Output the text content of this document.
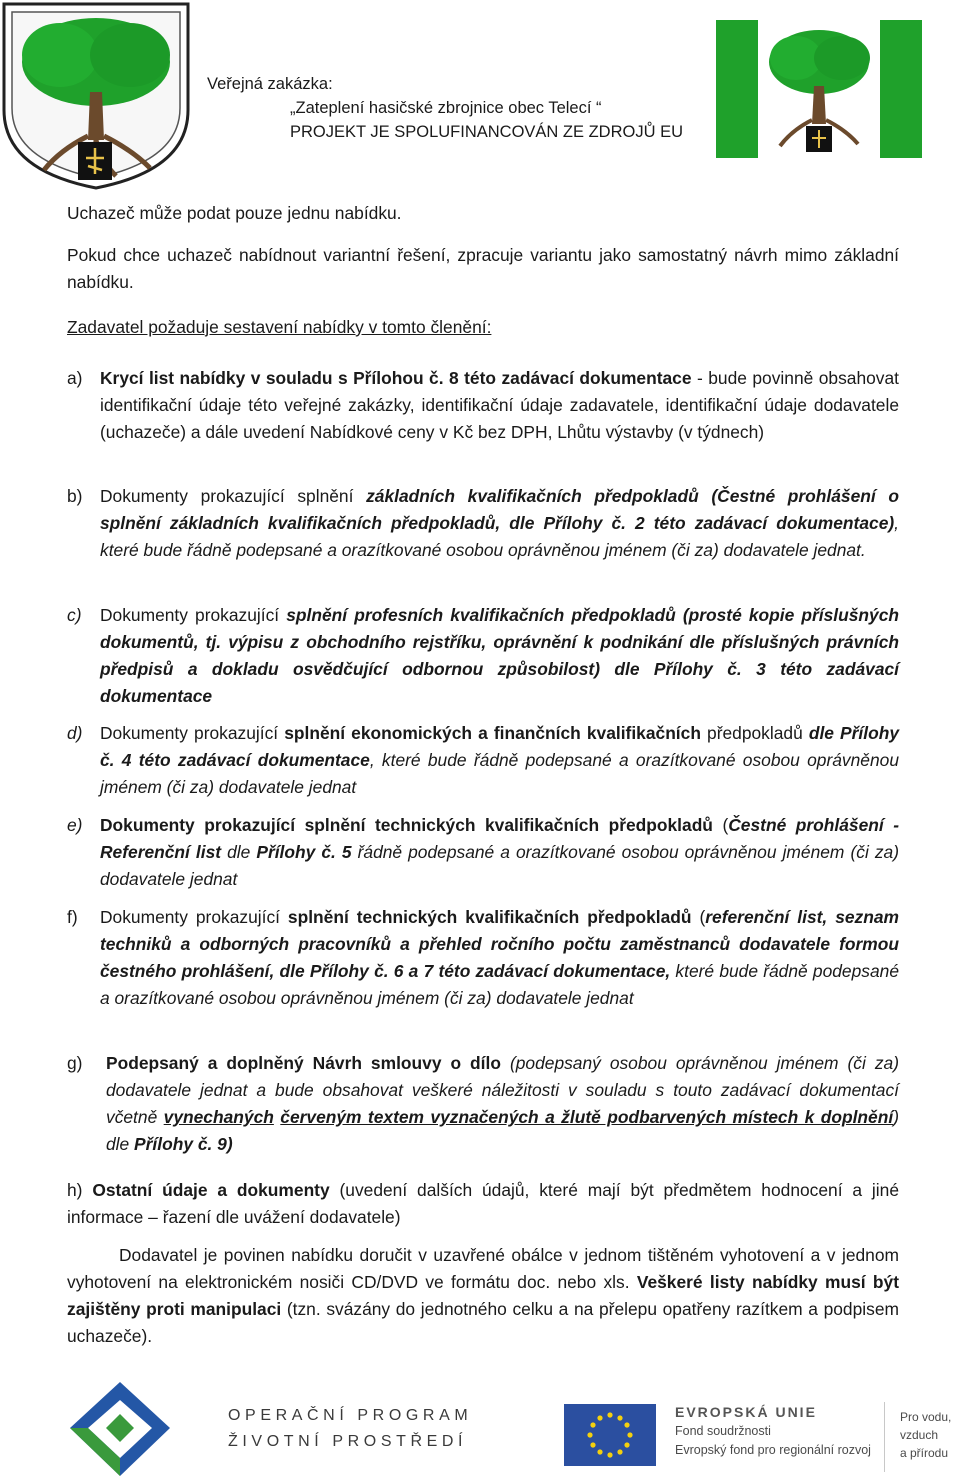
Veřejná zakázka:
„Zateplení hasičské zbrojnice obec Telecí “
PROJEKT JE SPOLUFINANCOVÁN ZE ZDROJŮ EU
Uchazeč může podat pouze jednu nabídku.
Pokud chce uchazeč nabídnout variantní řešení, zpracuje variantu jako samostatný návrh mimo základní nabídku.
Zadavatel požaduje sestavení nabídky v tomto členění:
a) Krycí list nabídky v souladu s Přílohou č. 8 této zadávací dokumentace - bude povinně obsahovat identifikační údaje této veřejné zakázky, identifikační údaje zadavatele, identifikační údaje dodavatele (uchazeče) a dále uvedení Nabídkové ceny v Kč bez DPH, Lhůtu výstavby (v týdnech)
b) Dokumenty prokazující splnění základních kvalifikačních předpokladů (Čestné prohlášení o splnění základních kvalifikačních předpokladů, dle Přílohy č. 2 této zadávací dokumentace), které bude řádně podepsané a orazítkované osobou oprávněnou jménem (či za) dodavatele jednat.
c) Dokumenty prokazující splnění profesních kvalifikačních předpokladů (prosté kopie příslušných dokumentů, tj. výpisu z obchodního rejstříku, oprávnění k podnikání dle příslušných právních předpisů a dokladu osvědčující odbornou způsobilost) dle Přílohy č. 3 této zadávací dokumentace
d) Dokumenty prokazující splnění ekonomických a finančních kvalifikačních předpokladů dle Přílohy č. 4 této zadávací dokumentace, které bude řádně podepsané a orazítkované osobou oprávněnou jménem (či za) dodavatele jednat
e) Dokumenty prokazující splnění technických kvalifikačních předpokladů (Čestné prohlášení - Referenční list dle Přílohy č. 5 řádně podepsané a orazítkované osobou oprávněnou jménem (či za) dodavatele jednat
f) Dokumenty prokazující splnění technických kvalifikačních předpokladů (referenční list, seznam techniků a odborných pracovníků a přehled ročního počtu zaměstnanců dodavatele formou čestného prohlášení, dle Přílohy č. 6 a 7 této zadávací dokumentace, které bude řádně podepsané a orazítkované osobou oprávněnou jménem (či za) dodavatele jednat
g) Podepsaný a doplněný Návrh smlouvy o dílo (podepsaný osobou oprávněnou jménem (či za) dodavatele jednat a bude obsahovat veškeré náležitosti v souladu s touto zadávací dokumentací včetně vynechaných červeným textem vyznačených a žlutě podbarvených místech k doplnění) dle Přílohy č. 9)
h) Ostatní údaje a dokumenty (uvedení dalších údajů, které mají být předmětem hodnocení a jiné informace – řazení dle uvážení dodavatele)
Dodavatel je povinen nabídku doručit v uzavřené obálce v jednom tištěném vyhotovení a v jednom vyhotovení na elektronickém nosiči CD/DVD ve formátu doc. nebo xls. Veškeré listy nabídky musí být zajištěny proti manipulaci (tzn. svázány do jednotného celku a na přelepu opatřeny razítkem a podpisem uchazeče).
OPERAČNÍ PROGRAM
ŽIVOTNÍ PROSTŘEDÍ
EVROPSKÁ UNIE
Fond soudržnosti
Evropský fond pro regionální rozvoj
Pro vodu,
vzduch
a přírodu
